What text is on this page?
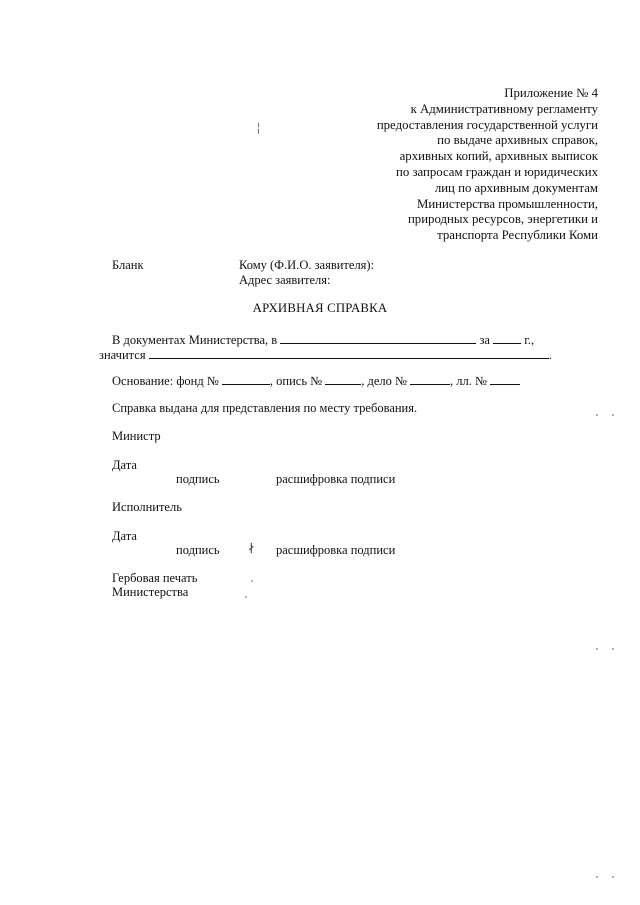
Приложение № 4
к Административному регламенту
предоставления государственной услуги
по выдаче архивных справок,
архивных копий, архивных выписок
по запросам граждан и юридических
лиц по архивным документам
Министерства промышленности,
природных ресурсов, энергетики и
транспорта Республики Коми
╎
∤
Бланк	Кому (Ф.И.О. заявителя):
Адрес заявителя:
АРХИВНАЯ СПРАВКА
В документах Министерства, в	за	г.,
значится	.
Основание: фонд №	, опись №	, дело №	, лл. №
Справка выдана для представления по месту требования.
Министр
Дата
подпись	расшифровка подписи
Исполнитель
Дата
подпись	расшифровка подписи
Гербовая печать
Министерства
